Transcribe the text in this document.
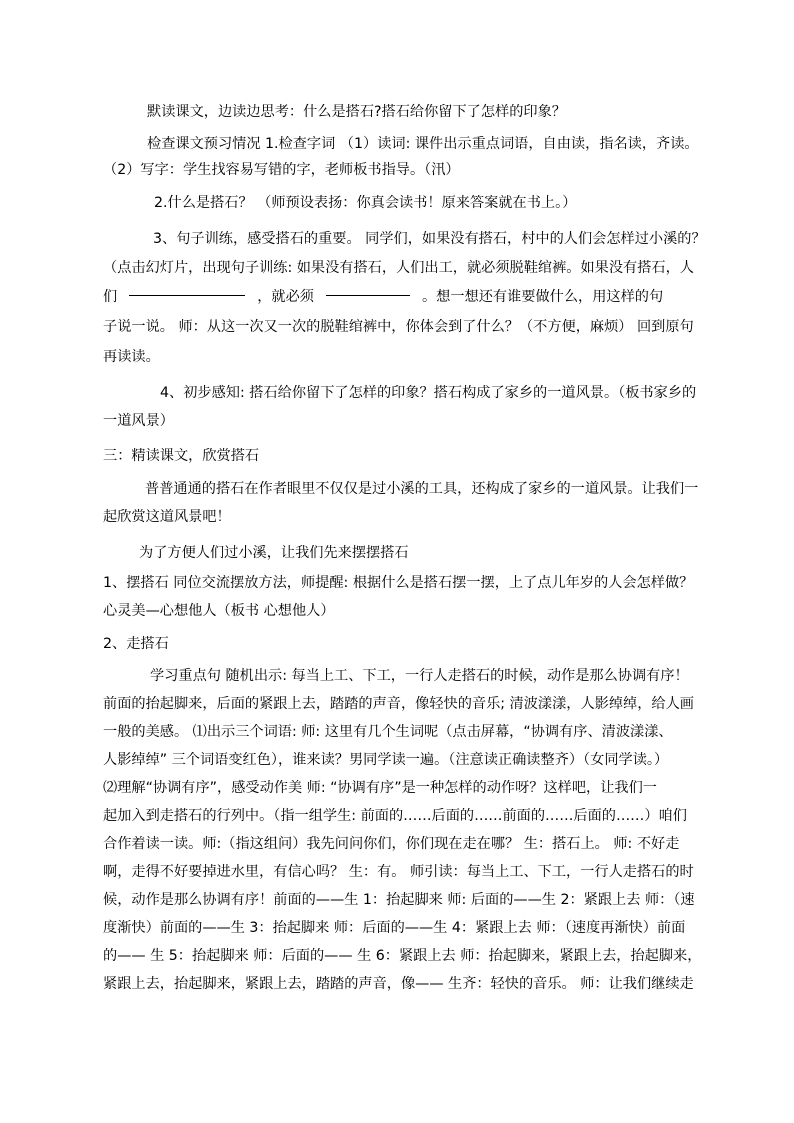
默读课文，边读边思考：什么是搭石?搭石给你留下了怎样的印象？
检查课文预习情况 1.检查字词 （1）读词: 课件出示重点词语，自由读，指名读，齐读。
（2）写字：学生找容易写错的字，老师板书指导。（汛）
2.什么是搭石？ （师预设表扬：你真会读书！原来答案就在书上。）
3、句子训练，感受搭石的重要。 同学们，如果没有搭石，村中的人们会怎样过小溪的？
（点击幻灯片，出现句子训练: 如果没有搭石，人们出工，就必须脱鞋绾裤。如果没有搭石，人
们	，就必须	。想一想还有谁要做什么，用这样的句
子说一说。 师：从这一次又一次的脱鞋绾裤中，你体会到了什么？（不方便，麻烦） 回到原句
再读读。
4、初步感知: 搭石给你留下了怎样的印象？搭石构成了家乡的一道风景。（板书家乡的
一道风景）
三：精读课文，欣赏搭石
普普通通的搭石在作者眼里不仅仅是过小溪的工具，还构成了家乡的一道风景。让我们一
起欣赏这道风景吧！
为了方便人们过小溪，让我们先来摆摆搭石
1、摆搭石 同位交流摆放方法，师提醒: 根据什么是搭石摆一摆，上了点儿年岁的人会怎样做？
心灵美—心想他人（板书 心想他人）
2、走搭石
学习重点句 随机出示: 每当上工、下工，一行人走搭石的时候，动作是那么协调有序！
前面的抬起脚来，后面的紧跟上去，踏踏的声音，像轻快的音乐; 清波漾漾，人影绰绰，给人画
一般的美感。 ⑴出示三个词语: 师: 这里有几个生词呢（点击屏幕，“协调有序、清波漾漾、
人影绰绰” 三个词语变红色），谁来读？男同学读一遍。（注意读正确读整齐）（女同学读。）
⑵理解“协调有序”，感受动作美 师: “协调有序”是一种怎样的动作呀？这样吧，让我们一
起加入到走搭石的行列中。（指一组学生: 前面的……后面的……前面的……后面的……）咱们
合作着读一读。师:（指这组问）我先问问你们，你们现在走在哪？ 生：搭石上。 师: 不好走
啊，走得不好要掉进水里，有信心吗？ 生：有。 师引读：每当上工、下工，一行人走搭石的时
候，动作是那么协调有序！前面的——生 1：抬起脚来 师: 后面的——生 2：紧跟上去 师：（速
度渐快）前面的——生 3：抬起脚来 师：后面的——生 4：紧跟上去 师：（速度再渐快）前面
的—— 生 5：抬起脚来 师：后面的—— 生 6：紧跟上去 师：抬起脚来，紧跟上去，抬起脚来，
紧跟上去，抬起脚来，紧跟上去，踏踏的声音，像—— 生齐：轻快的音乐。 师：让我们继续走
